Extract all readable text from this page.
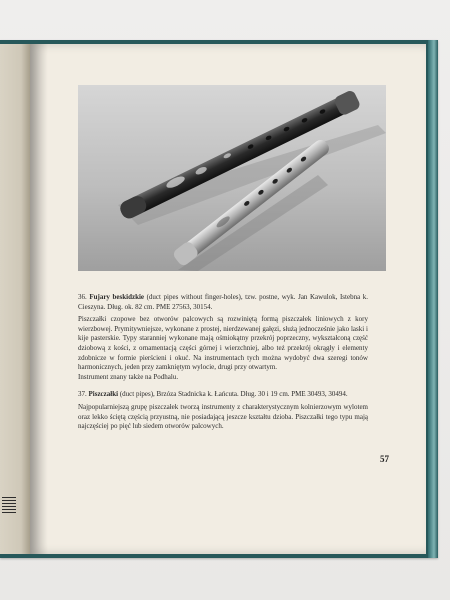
36. Fujary beskidzkie (duct pipes without finger-holes), tzw. postne, wyk. Jan Kawulok, Istebna k. Cieszyna. Dług. ok. 82 cm. PME 27563, 30154.

Piszczałki czopowe bez otworów palcowych są rozwiniętą formą piszczałek liniowych z kory wierzbowej. Prymitywniejsze, wykonane z prostej, nierdzewanej gałęzi, służą jednocześnie jako laski i kije pasterskie. Typy staranniej wykonane mają ośmiokątny przekrój poprzeczny, wykształconą część dziobową z kości, z ornamentacją części górnej i wierzchniej, albo też przekrój okrągły i elementy zdobnicze w formie pierścieni i okuć. Na instrumentach tych można wydobyć dwa szeregi tonów harmonicznych, jeden przy zamkniętym wylocie, drugi przy otwartym.

Instrument znany także na Podhalu.

37. Piszczałki (duct pipes), Brzóza Stadnicka k. Łańcuta. Dług. 30 i 19 cm. PME 30493, 30494.

Najpopularniejszą grupę piszczałek tworzą instrumenty z charakterystycznym kolnierzowym wylotem oraz lekko ściętą częścią przyustną, nie posiadającą jeszcze kształtu dzioba. Piszczałki tego typu mają najczęściej po pięć lub siedem otworów palcowych.

57
